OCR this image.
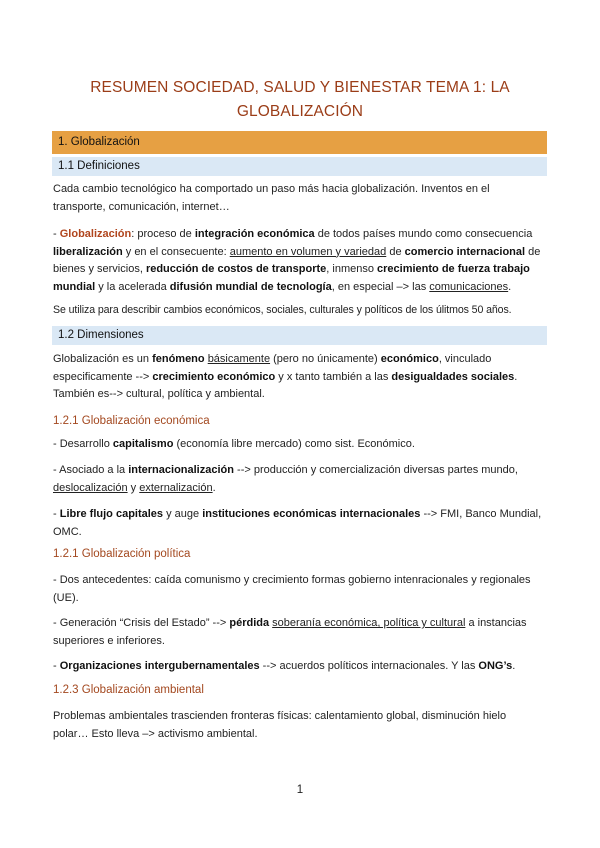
RESUMEN SOCIEDAD, SALUD Y BIENESTAR TEMA 1: LA
GLOBALIZACIÓN
1. Globalización
1.1 Definiciones
Cada cambio tecnológico ha comportado un paso más hacia globalización. Inventos en el
transporte, comunicación, internet…
- Globalización: proceso de integración económica de todos países mundo como consecuencia liberalización y en el consecuente: aumento en volumen y variedad de comercio internacional de bienes y servicios, reducción de costos de transporte, inmenso crecimiento de fuerza trabajo mundial y la acelerada difusión mundial de tecnología, en especial –> las comunicaciones.
Se utiliza para describir cambios económicos, sociales, culturales y políticos de los úlitmos 50 años.
1.2 Dimensiones
Globalización es un fenómeno básicamente (pero no únicamente) económico, vinculado especificamente --> crecimiento económico y x tanto también a las desigualdades sociales. También es--> cultural, política y ambiental.
1.2.1 Globalización económica
- Desarrollo capitalismo (economía libre mercado) como sist. Económico.
- Asociado a la internacionalización --> producción y comercialización diversas partes mundo, deslocalización y externalización.
- Libre flujo capitales y auge instituciones económicas internacionales --> FMI, Banco Mundial, OMC.
1.2.1 Globalización política
- Dos antecedentes: caída comunismo y crecimiento formas gobierno intenracionales y regionales (UE).
- Generación “Crisis del Estado” --> pérdida soberanía económica, política y cultural a instancias superiores e inferiores.
- Organizaciones intergubernamentales --> acuerdos políticos internacionales. Y las ONG’s.
1.2.3 Globalización ambiental
Problemas ambientales trascienden fronteras físicas: calentamiento global, disminución hielo
polar… Esto lleva –> activismo ambiental.
1
